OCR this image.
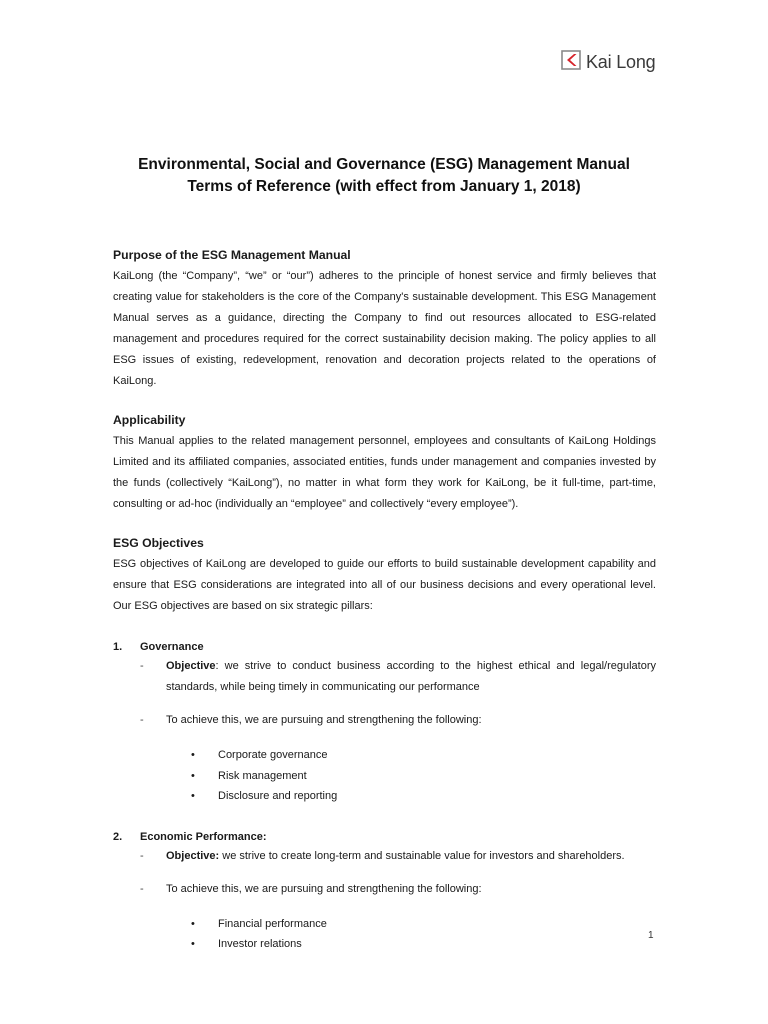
Kai Long
Environmental, Social and Governance (ESG) Management Manual
Terms of Reference (with effect from January 1, 2018)
Purpose of the ESG Management Manual

KaiLong (the “Company”, “we” or “our”) adheres to the principle of honest service and firmly believes that creating value for stakeholders is the core of the Company's sustainable development. This ESG Management Manual serves as a guidance, directing the Company to find out resources allocated to ESG-related management and procedures required for the correct sustainability decision making. The policy applies to all ESG issues of existing, redevelopment, renovation and decoration projects related to the operations of KaiLong.

Applicability

This Manual applies to the related management personnel, employees and consultants of KaiLong Holdings Limited and its affiliated companies, associated entities, funds under management and companies invested by the funds (collectively “KaiLong”), no matter in what form they work for KaiLong, be it full-time, part-time, consulting or ad-hoc (individually an “employee” and collectively “every employee”).

ESG Objectives

ESG objectives of KaiLong are developed to guide our efforts to build sustainable development capability and ensure that ESG considerations are integrated into all of our business decisions and every operational level. Our ESG objectives are based on six strategic pillars:

1.	Governance
-	Objective: we strive to conduct business according to the highest ethical and legal/regulatory standards, while being timely in communicating our performance
-	To achieve this, we are pursuing and strengthening the following:
•	Corporate governance
•	Risk management
•	Disclosure and reporting
2.	Economic Performance:
-	Objective: we strive to create long-term and sustainable value for investors and shareholders.
-	To achieve this, we are pursuing and strengthening the following:
•	Financial performance
•	Investor relations
1
